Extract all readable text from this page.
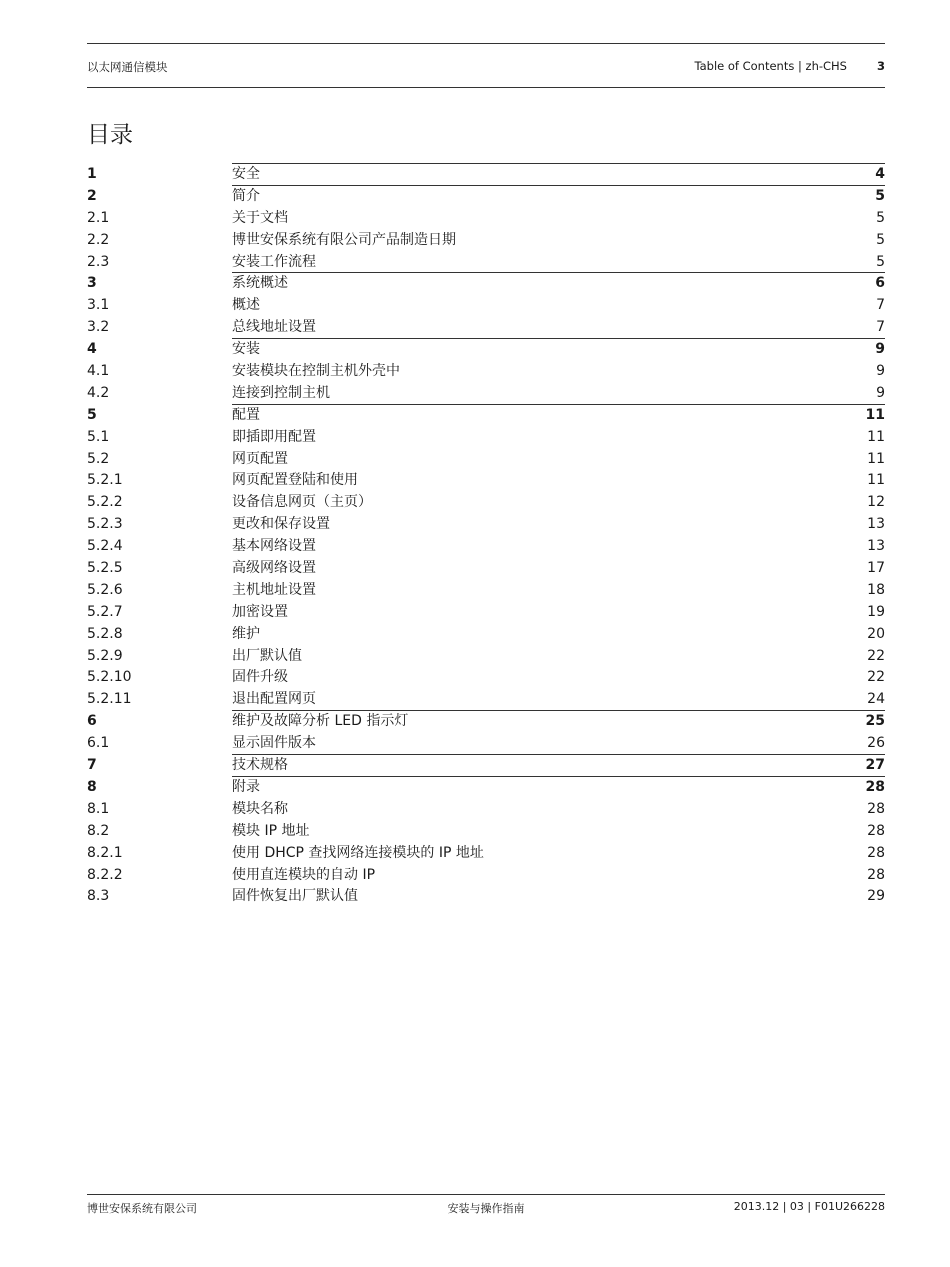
以太网通信模块	Table of Contents | zh-CHS	3
目录
1	安全	4
2	简介	5
2.1	关于文档	5
2.2	博世安保系统有限公司产品制造日期	5
2.3	安装工作流程	5
3	系统概述	6
3.1	概述	7
3.2	总线地址设置	7
4	安装	9
4.1	安装模块在控制主机外壳中	9
4.2	连接到控制主机	9
5	配置	11
5.1	即插即用配置	11
5.2	网页配置	11
5.2.1	网页配置登陆和使用	11
5.2.2	设备信息网页（主页）	12
5.2.3	更改和保存设置	13
5.2.4	基本网络设置	13
5.2.5	高级网络设置	17
5.2.6	主机地址设置	18
5.2.7	加密设置	19
5.2.8	维护	20
5.2.9	出厂默认值	22
5.2.10	固件升级	22
5.2.11	退出配置网页	24
6	维护及故障分析 LED 指示灯	25
6.1	显示固件版本	26
7	技术规格	27
8	附录	28
8.1	模块名称	28
8.2	模块 IP 地址	28
8.2.1	使用 DHCP 查找网络连接模块的 IP 地址	28
8.2.2	使用直连模块的自动 IP	28
8.3	固件恢复出厂默认值	29
博世安保系统有限公司	安装与操作指南	2013.12 | 03 | F01U266228
